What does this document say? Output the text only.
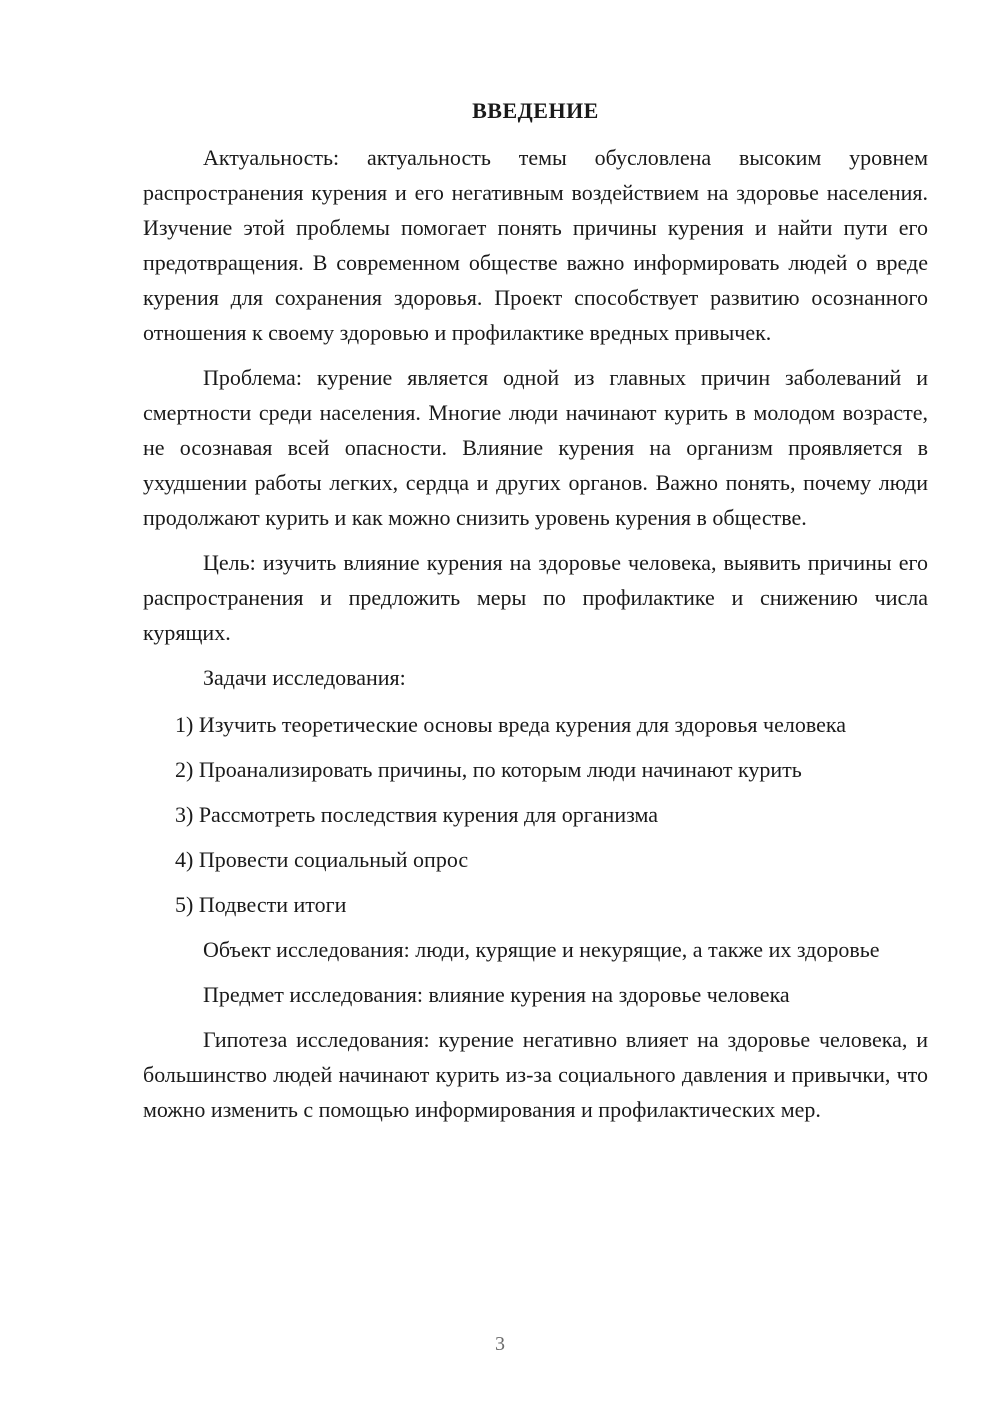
ВВЕДЕНИЕ

Актуальность: актуальность темы обусловлена высоким уровнем распространения курения и его негативным воздействием на здоровье населения. Изучение этой проблемы помогает понять причины курения и найти пути его предотвращения. В современном обществе важно информировать людей о вреде курения для сохранения здоровья. Проект способствует развитию осознанного отношения к своему здоровью и профилактике вредных привычек.

Проблема: курение является одной из главных причин заболеваний и смертности среди населения. Многие люди начинают курить в молодом возрасте, не осознавая всей опасности. Влияние курения на организм проявляется в ухудшении работы легких, сердца и других органов. Важно понять, почему люди продолжают курить и как можно снизить уровень курения в обществе.

Цель: изучить влияние курения на здоровье человека, выявить причины его распространения и предложить меры по профилактике и снижению числа курящих.

Задачи исследования:

1) Изучить теоретические основы вреда курения для здоровья человека

2) Проанализировать причины, по которым люди начинают курить

3) Рассмотреть последствия курения для организма

4) Провести социальный опрос

5) Подвести итоги

Объект исследования: люди, курящие и некурящие, а также их здоровье

Предмет исследования: влияние курения на здоровье человека

Гипотеза исследования: курение негативно влияет на здоровье человека, и большинство людей начинают курить из-за социального давления и привычки, что можно изменить с помощью информирования и профилактических мер.

3
